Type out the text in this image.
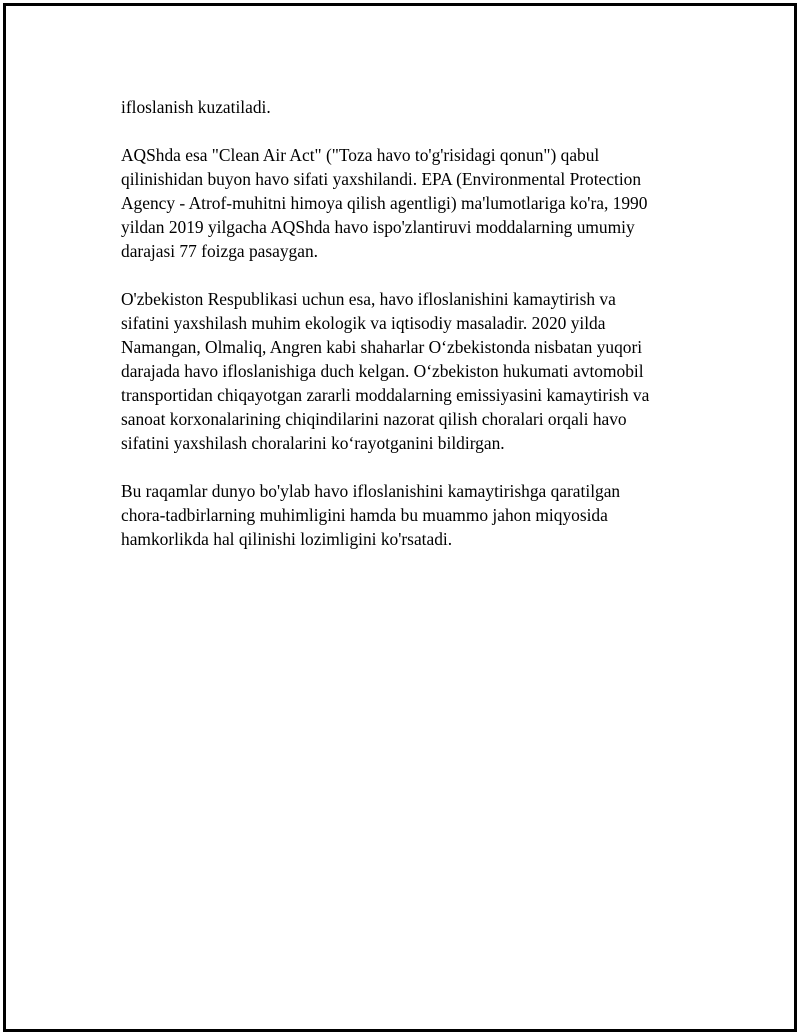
ifloslanish kuzatiladi.

AQShda esa "Clean Air Act" ("Toza havo to'g'risidagi qonun") qabul
qilinishidan buyon havo sifati yaxshilandi. EPA (Environmental Protection
Agency - Atrof-muhitni himoya qilish agentligi) ma'lumotlariga ko'ra, 1990
yildan 2019 yilgacha AQShda havo ispo'zlantiruvi moddalarning umumiy
darajasi 77 foizga pasaygan.

O'zbekiston Respublikasi uchun esa, havo ifloslanishini kamaytirish va
sifatini yaxshilash muhim ekologik va iqtisodiy masaladir. 2020 yilda
Namangan, Olmaliq, Angren kabi shaharlar O‘zbekistonda nisbatan yuqori
darajada havo ifloslanishiga duch kelgan. O‘zbekiston hukumati avtomobil
transportidan chiqayotgan zararli moddalarning emissiyasini kamaytirish va
sanoat korxonalarining chiqindilarini nazorat qilish choralari orqali havo
sifatini yaxshilash choralarini ko‘rayotganini bildirgan.

Bu raqamlar dunyo bo'ylab havo ifloslanishini kamaytirishga qaratilgan
chora-tadbirlarning muhimligini hamda bu muammo jahon miqyosida
hamkorlikda hal qilinishi lozimligini ko'rsatadi.
